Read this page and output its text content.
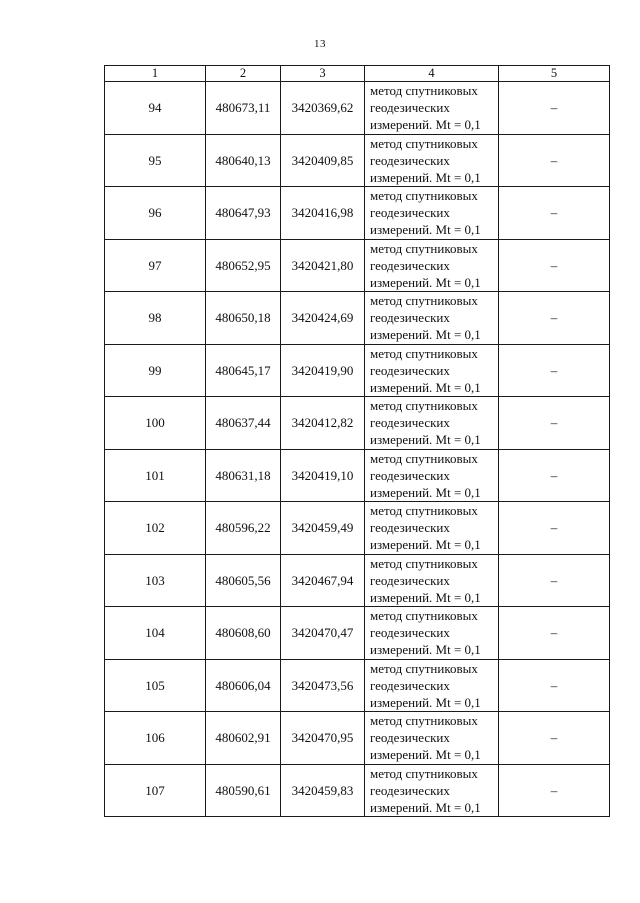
13
1	2	3	4	5
94	480673,11	3420369,62	метод спутниковых
геодезических
измерений. Mt = 0,1	–
95	480640,13	3420409,85	метод спутниковых
геодезических
измерений. Mt = 0,1	–
96	480647,93	3420416,98	метод спутниковых
геодезических
измерений. Mt = 0,1	–
97	480652,95	3420421,80	метод спутниковых
геодезических
измерений. Mt = 0,1	–
98	480650,18	3420424,69	метод спутниковых
геодезических
измерений. Mt = 0,1	–
99	480645,17	3420419,90	метод спутниковых
геодезических
измерений. Mt = 0,1	–
100	480637,44	3420412,82	метод спутниковых
геодезических
измерений. Mt = 0,1	–
101	480631,18	3420419,10	метод спутниковых
геодезических
измерений. Mt = 0,1	–
102	480596,22	3420459,49	метод спутниковых
геодезических
измерений. Mt = 0,1	–
103	480605,56	3420467,94	метод спутниковых
геодезических
измерений. Mt = 0,1	–
104	480608,60	3420470,47	метод спутниковых
геодезических
измерений. Mt = 0,1	–
105	480606,04	3420473,56	метод спутниковых
геодезических
измерений. Mt = 0,1	–
106	480602,91	3420470,95	метод спутниковых
геодезических
измерений. Mt = 0,1	–
107	480590,61	3420459,83	метод спутниковых
геодезических
измерений. Mt = 0,1	–
